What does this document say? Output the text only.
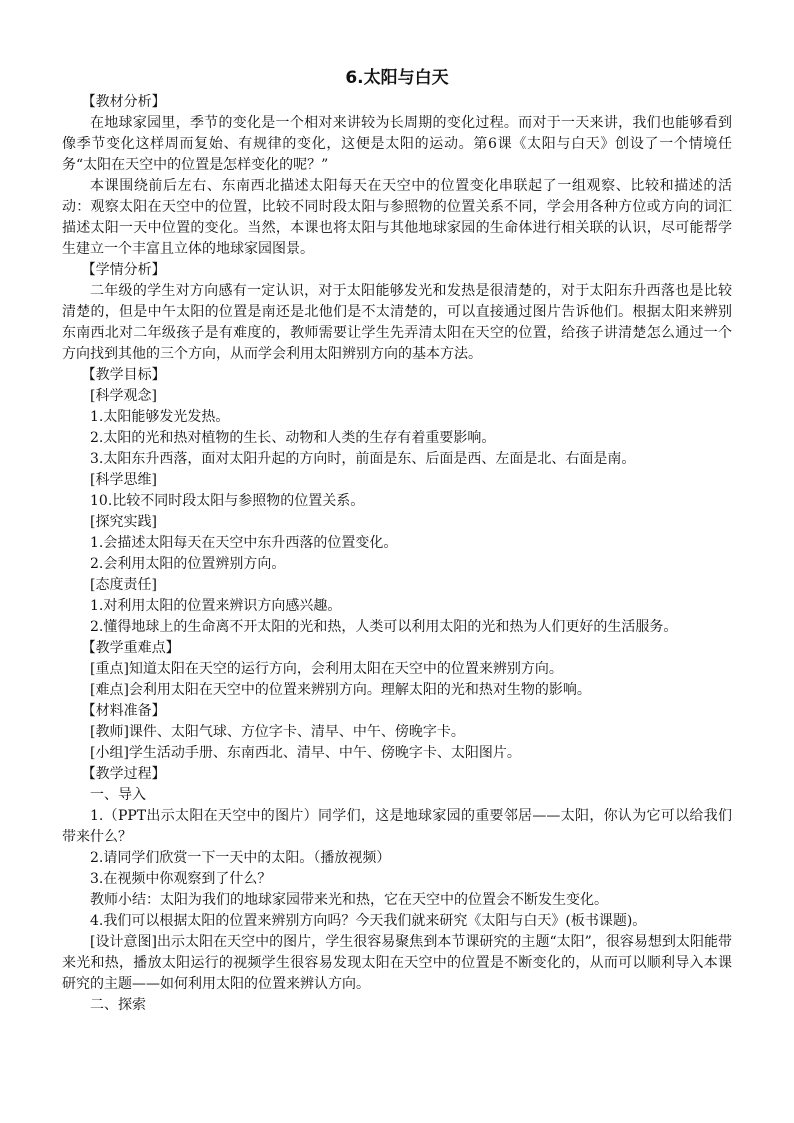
6.太阳与白天

【教材分析】

在地球家园里，季节的变化是一个相对来讲较为长周期的变化过程。而对于一天来讲，我们也能够看到像季节变化这样周而复始、有规律的变化，这便是太阳的运动。第6课《太阳与白天》创设了一个情境任务“太阳在天空中的位置是怎样变化的呢？”

本课围绕前后左右、东南西北描述太阳每天在天空中的位置变化串联起了一组观察、比较和描述的活动：观察太阳在天空中的位置，比较不同时段太阳与参照物的位置关系不同，学会用各种方位或方向的词汇描述太阳一天中位置的变化。当然，本课也将太阳与其他地球家园的生命体进行相关联的认识，尽可能帮学生建立一个丰富且立体的地球家园图景。

【学情分析】

二年级的学生对方向感有一定认识，对于太阳能够发光和发热是很清楚的，对于太阳东升西落也是比较清楚的，但是中午太阳的位置是南还是北他们是不太清楚的，可以直接通过图片告诉他们。根据太阳来辨别东南西北对二年级孩子是有难度的，教师需要让学生先弄清太阳在天空的位置，给孩子讲清楚怎么通过一个方向找到其他的三个方向，从而学会利用太阳辨别方向的基本方法。

【教学目标】

[科学观念]

1.太阳能够发光发热。

2.太阳的光和热对植物的生长、动物和人类的生存有着重要影响。

3.太阳东升西落，面对太阳升起的方向时，前面是东、后面是西、左面是北、右面是南。

[科学思维]

10.比较不同时段太阳与参照物的位置关系。

[探究实践]

1.会描述太阳每天在天空中东升西落的位置变化。

2.会利用太阳的位置辨别方向。

[态度责任]

1.对利用太阳的位置来辨识方向感兴趣。

2.懂得地球上的生命离不开太阳的光和热，人类可以利用太阳的光和热为人们更好的生活服务。

【教学重难点】

[重点]知道太阳在天空的运行方向，会利用太阳在天空中的位置来辨别方向。

[难点]会利用太阳在天空中的位置来辨别方向。理解太阳的光和热对生物的影响。

【材料准备】

[教师]课件、太阳气球、方位字卡、清早、中午、傍晚字卡。

[小组]学生活动手册、东南西北、清早、中午、傍晚字卡、太阳图片。

【教学过程】

一、导入

1.（PPT出示太阳在天空中的图片）同学们，这是地球家园的重要邻居——太阳，你认为它可以给我们带来什么？

2.请同学们欣赏一下一天中的太阳。（播放视频）

3.在视频中你观察到了什么？

教师小结：太阳为我们的地球家园带来光和热，它在天空中的位置会不断发生变化。

4.我们可以根据太阳的位置来辨别方向吗？今天我们就来研究《太阳与白天》(板书课题)。

[设计意图]出示太阳在天空中的图片，学生很容易聚焦到本节课研究的主题“太阳”，很容易想到太阳能带来光和热，播放太阳运行的视频学生很容易发现太阳在天空中的位置是不断变化的，从而可以顺利导入本课研究的主题——如何利用太阳的位置来辨认方向。

二、探索
